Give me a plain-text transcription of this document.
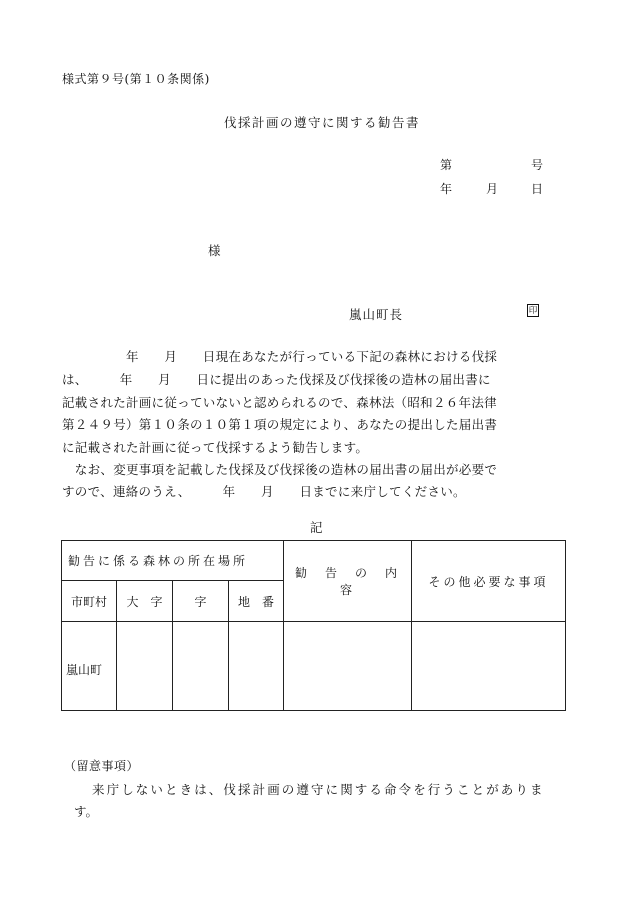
様式第９号(第１０条関係)
伐採計画の遵守に関する勧告書
第	号
年	月	日
様
嵐山町長	印
　　　　　年　　月　　日現在あなたが行っている下記の森林における伐採
は、　　　年　　月　　日に提出のあった伐採及び伐採後の造林の届出書に
記載された計画に従っていないと認められるので、森林法（昭和２６年法律
第２４９号）第１０条の１０第１項の規定により、あなたの提出した届出書
に記載された計画に従って伐採するよう勧告します。
　なお、変更事項を記載した伐採及び伐採後の造林の届出書の届出が必要で
すので、連絡のうえ、　　　年　　月　　日までに来庁してください。
記
勧告に係る森林の所在場所				勧　告　の　内　容	その他必要な事項
市町村	大　字	字	地　番		
嵐山町					
（留意事項）
来庁しないときは、伐採計画の遵守に関する命令を行うことがありま
す。
